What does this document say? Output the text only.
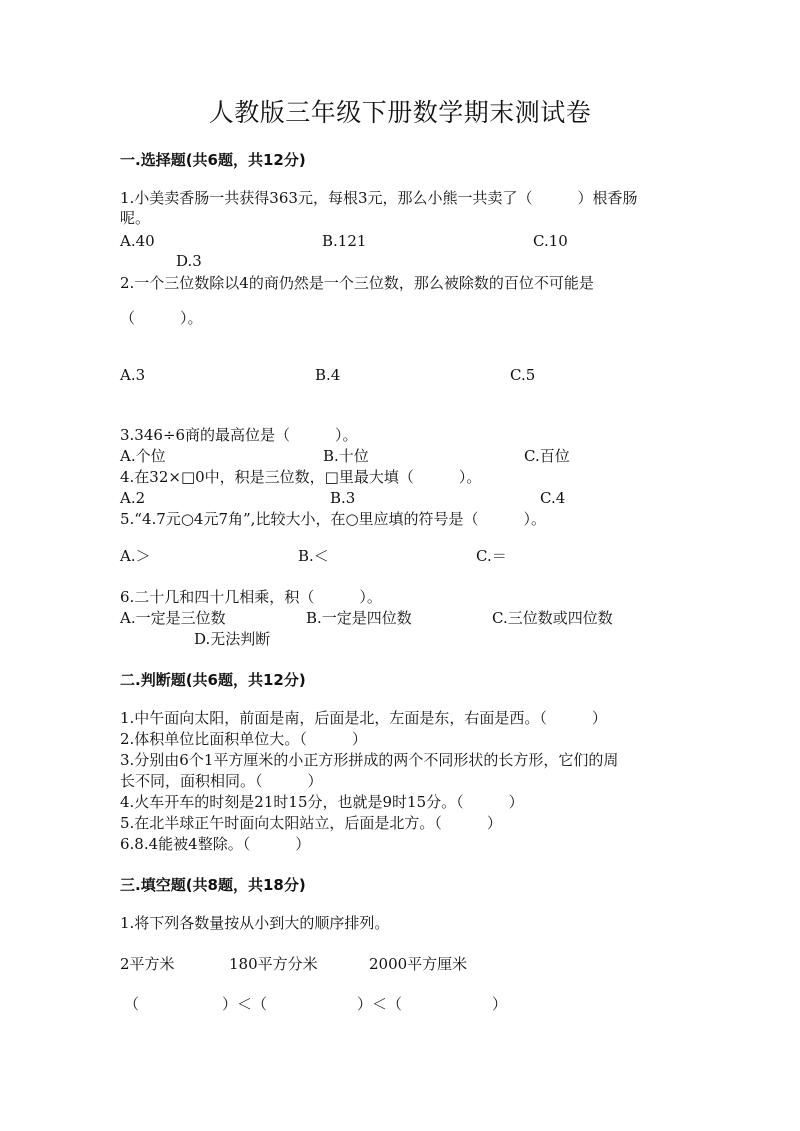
人教版三年级下册数学期末测试卷
一.选择题(共6题，共12分)
1.小美卖香肠一共获得363元，每根3元，那么小熊一共卖了（　　　）根香肠
呢。
A.40	B.121	C.10
D.3
2.一个三位数除以4的商仍然是一个三位数，那么被除数的百位不可能是
（　　　）。
A.3	B.4	C.5
3.346÷6商的最高位是（　　　）。
A.个位	B.十位	C.百位
4.在32×□0中，积是三位数，□里最大填（　　　）。
A.2	B.3	C.4
5.“4.7元○4元7角”,比较大小，在○里应填的符号是（　　　）。
A.＞	B.＜	C.＝
6.二十几和四十几相乘，积（　　　）。
A.一定是三位数	B.一定是四位数	C.三位数或四位数
D.无法判断
二.判断题(共6题，共12分)
1.中午面向太阳，前面是南，后面是北，左面是东，右面是西。（　　　）
2.体积单位比面积单位大。（　　　）
3.分别由6个1平方厘米的小正方形拼成的两个不同形状的长方形，它们的周
长不同，面积相同。（　　　）
4.火车开车的时刻是21时15分，也就是9时15分。（　　　）
5.在北半球正午时面向太阳站立，后面是北方。（　　　）
6.8.4能被4整除。（　　　）
三.填空题(共8题，共18分)
1.将下列各数量按从小到大的顺序排列。
2平方米	180平方分米	2000平方厘米
（	）＜（	）＜（	）
